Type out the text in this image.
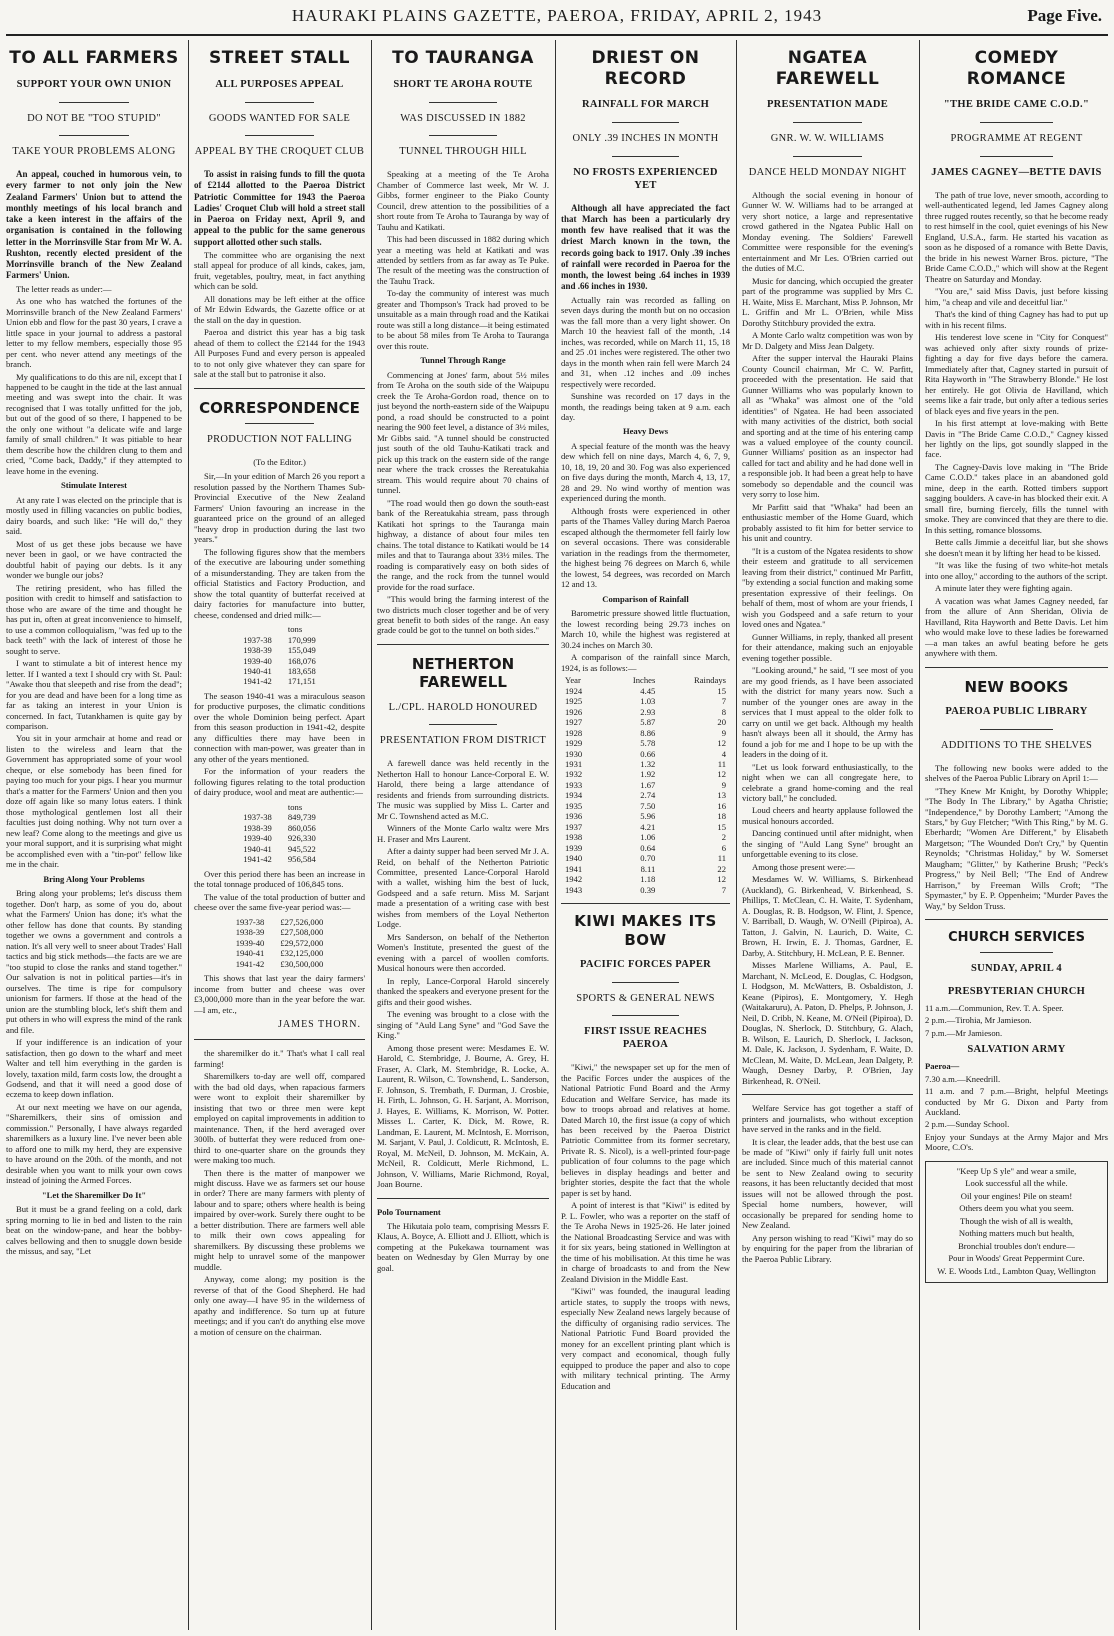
HAURAKI PLAINS GAZETTE, PAEROA, FRIDAY, APRIL 2, 1943	Page Five.
TO ALL FARMERS
SUPPORT YOUR OWN UNION
DO NOT BE "TOO STUPID"
TAKE YOUR PROBLEMS ALONG

An appeal, couched in humorous vein, to every farmer to not only join the New Zealand Farmers' Union but to attend the monthly meetings of his local branch and take a keen interest in the affairs of the organisation is contained in the following letter in the Morrinsville Star from Mr W. A. Rushton, recently elected president of the Morrinsville branch of the New Zealand Farmers' Union.

The letter reads as under:—

As one who has watched the fortunes of the Morrinsville branch of the New Zealand Farmers' Union ebb and flow for the past 30 years, I crave a little space in your journal to address a pastoral letter to my fellow members, especially those 95 per cent. who never attend any meetings of the branch.

My qualifications to do this are nil, except that I happened to be caught in the tide at the last annual meeting and was swept into the chair. It was recognised that I was totally unfitted for the job, but out of the good of so there, I happened to be the only one without "a delicate wife and large family of small children." It was pitiable to hear them describe how the children clung to them and cried, "Come back, Daddy," if they attempted to leave home in the evening.

Stimulate Interest

At any rate I was elected on the principle that is mostly used in filling vacancies on public bodies, dairy boards, and such like: "He will do," they said.

Most of us get these jobs because we have never been in gaol, or we have contracted the doubtful habit of paying our debts. Is it any wonder we bungle our jobs?

The retiring president, who has filled the position with credit to himself and satisfaction to those who are aware of the time and thought he has put in, often at great inconvenience to himself, to use a common colloquialism, "was fed up to the back teeth" with the lack of interest of those he sought to serve.

I want to stimulate a bit of interest hence my letter. If I wanted a text I should cry with St. Paul: "Awake thou that sleepeth and rise from the dead"; for you are dead and have been for a long time as far as taking an interest in your Union is concerned. In fact, Tutankhamen is quite gay by comparison.

You sit in your armchair at home and read or listen to the wireless and learn that the Government has appropriated some of your wool cheque, or else somebody has been fined for paying too much for your pigs. I hear you murmur that's a matter for the Farmers' Union and then you doze off again like so many lotus eaters. I think those mythological gentlemen lost all their faculties just doing nothing. Why not turn over a new leaf? Come along to the meetings and give us your moral support, and it is surprising what might be accomplished even with a "tin-pot" fellow like me in the chair.

Bring Along Your Problems

Bring along your problems; let's discuss them together. Don't harp, as some of you do, about what the Farmers' Union has done; it's what the other fellow has done that counts. By standing together we owns a government and controls a nation. It's all very well to sneer about Trades' Hall tactics and big stick methods—the facts are we are "too stupid to close the ranks and stand together." Our salvation is not in political parties—it's in ourselves. The time is ripe for compulsory unionism for farmers. If those at the head of the union are the stumbling block, let's shift them and put others in who will express the mind of the rank and file.

If your indifference is an indication of your satisfaction, then go down to the wharf and meet Walter and tell him everything in the garden is lovely, taxation mild, farm costs low, the drought a Godsend, and that it will need a good dose of eczema to keep down inflation.

At our next meeting we have on our agenda, "Sharemilkers, their sins of omission and commission." Personally, I have always regarded sharemilkers as a luxury line. I've never been able to afford one to milk my herd, they are expensive to have around on the 20th. of the month, and not desirable when you want to milk your own cows instead of joining the Armed Forces.

"Let the Sharemilker Do It"

But it must be a grand feeling on a cold, dark spring morning to lie in bed and listen to the rain beat on the window-pane, and hear the bobby-calves bellowing and then to snuggle down beside the missus, and say, "Let

STREET STALL
ALL PURPOSES APPEAL
GOODS WANTED FOR SALE
APPEAL BY THE CROQUET CLUB

To assist in raising funds to fill the quota of £2144 allotted to the Paeroa District Patriotic Committee for 1943 the Paeroa Ladies' Croquet Club will hold a street stall in Paeroa on Friday next, April 9, and appeal to the public for the same generous support allotted other such stalls.

The committee who are organising the next stall appeal for produce of all kinds, cakes, jam, fruit, vegetables, poultry, meat, in fact anything which can be sold.

All donations may be left either at the office of Mr Edwin Edwards, the Gazette office or at the stall on the day in question.

Paeroa and district this year has a big task ahead of them to collect the £2144 for the 1943 All Purposes Fund and every person is appealed to to not only give whatever they can spare for sale at the stall but to patronise it also.

CORRESPONDENCE
PRODUCTION NOT FALLING

(To the Editor.)

Sir,—In your edition of March 26 you report a resolution passed by the Northern Thames Sub-Provincial Executive of the New Zealand Farmers' Union favouring an increase in the guaranteed price on the ground of an alleged "heavy drop in production during the last two years."

The following figures show that the members of the executive are labouring under something of a misunderstanding. They are taken from the official Statistics and Factory Production, and show the total quantity of butterfat received at dairy factories for manufacture into butter, cheese, condensed and dried milk:—

	tons
1937-38	170,999
1938-39	155,049
1939-40	168,076
1940-41	183,658
1941-42	171,151

The season 1940-41 was a miraculous season for productive purposes, the climatic conditions over the whole Dominion being perfect. Apart from this season production in 1941-42, despite any difficulties there may have been in connection with man-power, was greater than in any other of the years mentioned.

For the information of your readers the following figures relating to the total production of dairy produce, wool and meat are authentic:—

	tons
1937-38	849,739
1938-39	860,056
1939-40	926,330
1940-41	945,522
1941-42	956,584

Over this period there has been an increase in the total tonnage produced of 106,845 tons.

The value of the total production of butter and cheese over the same five-year period was:—

1937-38	£27,526,000
1938-39	£27,508,000
1939-40	£29,572,000
1940-41	£32,125,000
1941-42	£30,500,000

This shows that last year the dairy farmers' income from butter and cheese was over £3,000,000 more than in the year before the war.—I am, etc.,

JAMES THORN.

the sharemilker do it." That's what I call real farming!

Sharemilkers to-day are well off, compared with the bad old days, when rapacious farmers were wont to exploit their sharemilker by insisting that two or three men were kept employed on capital improvements in addition to maintenance. Then, if the herd averaged over 300lb. of butterfat they were reduced from one-third to one-quarter share on the grounds they were making too much.

Then there is the matter of manpower we might discuss. Have we as farmers set our house in order? There are many farmers with plenty of labour and to spare; others where health is being impaired by over-work. Surely there ought to be a better distribution. There are farmers well able to milk their own cows appealing for sharemilkers. By discussing these problems we might help to unravel some of the manpower muddle.

Anyway, come along; my position is the reverse of that of the Good Shepherd. He had only one away—I have 95 in the wilderness of apathy and indifference. So turn up at future meetings; and if you can't do anything else move a motion of censure on the chairman.

TO TAURANGA
SHORT TE AROHA ROUTE
WAS DISCUSSED IN 1882
TUNNEL THROUGH HILL

Speaking at a meeting of the Te Aroha Chamber of Commerce last week, Mr W. J. Gibbs, former engineer to the Piako County Council, drew attention to the possibilities of a short route from Te Aroha to Tauranga by way of Tauhu and Katikati.

This had been discussed in 1882 during which year a meeting was held at Katikati and was attended by settlers from as far away as Te Puke. The result of the meeting was the construction of the Tauhu Track.

To-day the community of interest was much greater and Thompson's Track had proved to be unsuitable as a main through road and the Katikai route was still a long distance—it being estimated to be about 58 miles from Te Aroha to Tauranga over this route.

Tunnel Through Range

Commencing at Jones' farm, about 5½ miles from Te Aroha on the south side of the Waipupu creek the Te Aroha-Gordon road, thence on to just beyond the north-eastern side of the Waipupu pond, a road should be constructed to a point nearing the 900 feet level, a distance of 3½ miles, Mr Gibbs said. "A tunnel should be constructed just south of the old Tauhu-Katikati track and pick up this track on the eastern side of the range near where the track crosses the Rereatukahia stream. This would require about 70 chains of tunnel.

"The road would then go down the south-east bank of the Rereatukahia stream, pass through Katikati hot springs to the Tauranga main highway, a distance of about four miles ten chains. The total distance to Katikati would be 14 miles and that to Tauranga about 33½ miles. The roading is comparatively easy on both sides of the range, and the rock from the tunnel would provide for the road surface.

"This would bring the farming interest of the two districts much closer together and be of very great benefit to both sides of the range. An easy grade could be got to the tunnel on both sides."

NETHERTON FAREWELL
L./CPL. HAROLD HONOURED
PRESENTATION FROM DISTRICT

A farewell dance was held recently in the Netherton Hall to honour Lance-Corporal E. W. Harold, there being a large attendance of residents and friends from surrounding districts. The music was supplied by Miss L. Carter and Mr C. Townshend acted as M.C.

Winners of the Monte Carlo waltz were Mrs H. Fraser and Mrs Laurent.

After a dainty supper had been served Mr J. A. Reid, on behalf of the Netherton Patriotic Committee, presented Lance-Corporal Harold with a wallet, wishing him the best of luck, Godspeed and a safe return. Miss M. Sarjant made a presentation of a writing case with best wishes from members of the Loyal Netherton Lodge.

Mrs Sanderson, on behalf of the Netherton Women's Institute, presented the guest of the evening with a parcel of woollen comforts. Musical honours were then accorded.

In reply, Lance-Corporal Harold sincerely thanked the speakers and everyone present for the gifts and their good wishes.

The evening was brought to a close with the singing of "Auld Lang Syne" and "God Save the King."

Among those present were: Mesdames E. W. Harold, C. Stembridge, J. Bourne, A. Grey, H. Fraser, A. Clark, M. Stembridge, R. Locke, A. Laurent, R. Wilson, C. Townshend, L. Sanderson, F. Johnson, S. Trembath, F. Durman, J. Crosbie, H. Firth, L. Johnson, G. H. Sarjant, A. Morrison, J. Hayes, E. Williams, K. Morrison, W. Potter. Misses L. Carter, K. Dick, M. Rowe, R. Landman, E. Laurent, M. McIntosh, E. Morrison, M. Sarjant, V. Paul, J. Coldicutt, R. McIntosh, E. Royal, M. McNeil, D. Johnson, M. McKain, A. McNeil, R. Coldicutt, Merle Richmond, L. Johnson, V. Williams, Marie Richmond, Royal, Joan Bourne.

Polo Tournament

The Hikutaia polo team, comprising Messrs F. Klaus, A. Boyce, A. Elliott and J. Elliott, which is competing at the Pukekawa tournament was beaten on Wednesday by Glen Murray by one goal.

DRIEST ON RECORD
RAINFALL FOR MARCH
ONLY .39 INCHES IN MONTH
NO FROSTS EXPERIENCED YET

Although all have appreciated the fact that March has been a particularly dry month few have realised that it was the driest March known in the town, the records going back to 1917. Only .39 inches of rainfall were recorded in Paeroa for the month, the lowest being .64 inches in 1939 and .66 inches in 1930.

Actually rain was recorded as falling on seven days during the month but on no occasion was the fall more than a very light shower. On March 10 the heaviest fall of the month, .14 inches, was recorded, while on March 11, 15, 18 and 25 .01 inches were registered. The other two days in the month when rain fell were March 24 and 31, when .12 inches and .09 inches respectively were recorded.

Sunshine was recorded on 17 days in the month, the readings being taken at 9 a.m. each day.

Heavy Dews

A special feature of the month was the heavy dew which fell on nine days, March 4, 6, 7, 9, 10, 18, 19, 20 and 30. Fog was also experienced on five days during the month, March 4, 13, 17, 28 and 29. No wind worthy of mention was experienced during the month.

Although frosts were experienced in other parts of the Thames Valley during March Paeroa escaped although the thermometer fell fairly low on several occasions. There was considerable variation in the readings from the thermometer, the highest being 76 degrees on March 6, while the lowest, 54 degrees, was recorded on March 12 and 13.

Comparison of Rainfall

Barometric pressure showed little fluctuation, the lowest recording being 29.73 inches on March 10, while the highest was registered at 30.24 inches on March 30.

A comparison of the rainfall since March, 1924, is as follows:—

Year	Inches	Raindays
1924	4.45	15
1925	1.03	7
1926	2.93	8
1927	5.87	20
1928	8.86	9
1929	5.78	12
1930	0.66	4
1931	1.32	11
1932	1.92	12
1933	1.67	9
1934	2.74	13
1935	7.50	16
1936	5.96	18
1937	4.21	15
1938	1.06	2
1939	0.64	6
1940	0.70	11
1941	8.11	22
1942	1.18	12
1943	0.39	7
KIWI MAKES ITS BOW
PACIFIC FORCES PAPER
SPORTS & GENERAL NEWS
FIRST ISSUE REACHES PAEROA

"Kiwi," the newspaper set up for the men of the Pacific Forces under the auspices of the National Patriotic Fund Board and the Army Education and Welfare Service, has made its bow to troops abroad and relatives at home. Dated March 10, the first issue (a copy of which has been received by the Paeroa District Patriotic Committee from its former secretary, Private R. S. Nicol), is a well-printed four-page publication of four columns to the page which believes in display headings and better and brighter stories, despite the fact that the whole paper is set by hand.

A point of interest is that "Kiwi" is edited by P. L. Fowler, who was a reporter on the staff of the Te Aroha News in 1925-26. He later joined the National Broadcasting Service and was with it for six years, being stationed in Wellington at the time of his mobilisation. At this time he was in charge of broadcasts to and from the New Zealand Division in the Middle East.

"Kiwi" was founded, the inaugural leading article states, to supply the troops with news, especially New Zealand news largely because of the difficulty of organising radio services. The National Patriotic Fund Board provided the money for an excellent printing plant which is very compact and economical, though fully equipped to produce the paper and also to cope with military technical printing. The Army Education and

NGATEA FAREWELL
PRESENTATION MADE
GNR. W. W. WILLIAMS
DANCE HELD MONDAY NIGHT

Although the social evening in honour of Gunner W. W. Williams had to be arranged at very short notice, a large and representative crowd gathered in the Ngatea Public Hall on Monday evening. The Soldiers' Farewell Committee were responsible for the evening's entertainment and Mr Les. O'Brien carried out the duties of M.C.

Music for dancing, which occupied the greater part of the programme was supplied by Mrs C. H. Waite, Miss E. Marchant, Miss P. Johnson, Mr L. Griffin and Mr L. O'Brien, while Miss Dorothy Stitchbury provided the extra.

A Monte Carlo waltz competition was won by Mr D. Dalgety and Miss Jean Dalgety.

After the supper interval the Hauraki Plains County Council chairman, Mr C. W. Parfitt, proceeded with the presentation. He said that Gunner Williams who was popularly known to all as "Whaka" was almost one of the "old identities" of Ngatea. He had been associated with many activities of the district, both social and sporting and at the time of his entering camp was a valued employee of the county council. Gunner Williams' position as an inspector had called for tact and ability and he had done well in a responsible job. It had been a great help to have somebody so dependable and the council was very sorry to lose him.

Mr Parfitt said that "Whaka" had been an enthusiastic member of the Home Guard, which probably assisted to fit him for better service to his unit and country.

"It is a custom of the Ngatea residents to show their esteem and gratitude to all servicemen leaving from their district," continued Mr Parfitt, "by extending a social function and making some presentation expressive of their feelings. On behalf of them, most of whom are your friends, I wish you Godspeed and a safe return to your loved ones and Ngatea."

Gunner Williams, in reply, thanked all present for their attendance, making such an enjoyable evening together possible.

"Looking around," he said, "I see most of you are my good friends, as I have been associated with the district for many years now. Such a number of the younger ones are away in the services that I must appeal to the older folk to carry on until we get back. Although my health hasn't always been all it should, the Army has found a job for me and I hope to be up with the leaders in the doing of it.

"Let us look forward enthusiastically, to the night when we can all congregate here, to celebrate a grand home-coming and the real victory ball," he concluded.

Loud cheers and hearty applause followed the musical honours accorded.

Dancing continued until after midnight, when the singing of "Auld Lang Syne" brought an unforgettable evening to its close.

Among those present were:—

Mesdames W. W. Williams, S. Birkenhead (Auckland), G. Birkenhead, V. Birkenhead, S. Phillips, T. McClean, C. H. Waite, T. Sydenham, A. Douglas, R. B. Hodgson, W. Flint, J. Spence, V. Barriball, D. Waugh, W. O'Neill (Pipiroa), A. Tatton, J. Galvin, N. Laurich, D. Waite, C. Brown, H. Irwin, E. J. Thomas, Gardner, E. Darby, A. Stitchbury, H. McLean, P. E. Benner.

Misses Marlene Williams, A. Paul, E. Marchant, N. McLeod, E. Douglas, C. Hodgson, I. Hodgson, M. McWatters, B. Osbaldiston, J. Keane (Pipiros), E. Montgomery, Y. Hegh (Waitakaruru), A. Paton, D. Phelps, P. Johnson, J. Neil, D. Cribb, N. Keane, M. O'Neil (Pipiroa), D. Douglas, N. Sherlock, D. Stitchbury, G. Alach, B. Wilson, E. Laurich, D. Sherlock, I. Jackson, M. Dale, K. Jackson, J. Sydenham, F. Waite, D. McClean, M. Waite, D. McLean, Jean Dalgety, P. Waugh, Desney Darby, P. O'Brien, Jay Birkenhead, R. O'Neil.

Welfare Service has got together a staff of printers and journalists, who without exception have served in the ranks and in the field.

It is clear, the leader adds, that the best use can be made of "Kiwi" only if fairly full unit notes are included. Since much of this material cannot be sent to New Zealand owing to security reasons, it has been reluctantly decided that most issues will not be allowed through the post. Special home numbers, however, will occasionally be prepared for sending home to New Zealand.

Any person wishing to read "Kiwi" may do so by enquiring for the paper from the librarian of the Paeroa Public Library.

COMEDY ROMANCE
"THE BRIDE CAME C.O.D."
PROGRAMME AT REGENT
JAMES CAGNEY—BETTE DAVIS

The path of true love, never smooth, according to well-authenticated legend, led James Cagney along three rugged routes recently, so that he become ready to rest himself in the cool, quiet evenings of his New England, U.S.A., farm. He started his vacation as soon as he disposed of a romance with Bette Davis, the bride in his newest Warner Bros. picture, "The Bride Came C.O.D.," which will show at the Regent Theatre on Saturday and Monday.

"You are," said Miss Davis, just before kissing him, "a cheap and vile and deceitful liar."

That's the kind of thing Cagney has had to put up with in his recent films.

His tenderest love scene in "City for Conquest" was achieved only after sixty rounds of prize-fighting a day for five days before the camera. Immediately after that, Cagney started in pursuit of Rita Hayworth in "The Strawberry Blonde." He lost her entirely. He got Olivia de Havilland, which seems like a fair trade, but only after a tedious series of black eyes and five years in the pen.

In his first attempt at love-making with Bette Davis in "The Bride Came C.O.D.," Cagney kissed her lightly on the lips, got soundly slapped in the face.

The Cagney-Davis love making in "The Bride Came C.O.D." takes place in an abandoned gold mine, deep in the earth. Rotted timbers support sagging boulders. A cave-in has blocked their exit. A small fire, burning fiercely, fills the tunnel with smoke. They are convinced that they are there to die. In this setting, romance blossoms.

Bette calls Jimmie a deceitful liar, but she shows she doesn't mean it by lifting her head to be kissed.

"It was like the fusing of two white-hot metals into one alloy," according to the authors of the script.

A minute later they were fighting again.

A vacation was what James Cagney needed, far from the allure of Ann Sheridan, Olivia de Havilland, Rita Hayworth and Bette Davis. Let him who would make love to these ladies be forewarned—a man takes an awful beating before he gets anywhere with them.

NEW BOOKS
PAEROA PUBLIC LIBRARY
ADDITIONS TO THE SHELVES

The following new books were added to the shelves of the Paeroa Public Library on April 1:—

"They Knew Mr Knight, by Dorothy Whipple; "The Body In The Library," by Agatha Christie; "Independence," by Dorothy Lambert; "Among the Stars," by Guy Fletcher; "With This Ring," by M. G. Eberhardt; "Women Are Different," by Elisabeth Margetson; "The Wounded Don't Cry," by Quentin Reynolds; "Christmas Holiday," by W. Somerset Maugham; "Glitter," by Katherine Brush; "Peck's Progress," by Neil Bell; "The End of Andrew Harrison," by Freeman Wills Croft; "The Spymaster," by E. P. Oppenheim; "Murder Paves the Way," by Seldon Truss.

CHURCH SERVICES
SUNDAY, APRIL 4
PRESBYTERIAN CHURCH

11 a.m.—Communion, Rev. T. A. Speer.

2 p.m.—Tirohia, Mr Jamieson.

7 p.m.—Mr Jamieson.

SALVATION ARMY

Paeroa—

7.30 a.m.—Kneedrill.

11 a.m. and 7 p.m.—Bright, helpful Meetings conducted by Mr G. Dixon and Party from Auckland.

2 p.m.—Sunday School.

Enjoy your Sundays at the Army Major and Mrs Moore, C.O's.

"Keep Up S yle" and wear a smile,

Look successful all the while.

Oil your engines! Pile on steam!

Others deem you what you seem.

Though the wish of all is wealth,

Nothing matters much but health,

Bronchial troubles don't endure—

Pour in Woods' Great Peppermint Cure.

W. E. Woods Ltd., Lambton Quay, Wellington
